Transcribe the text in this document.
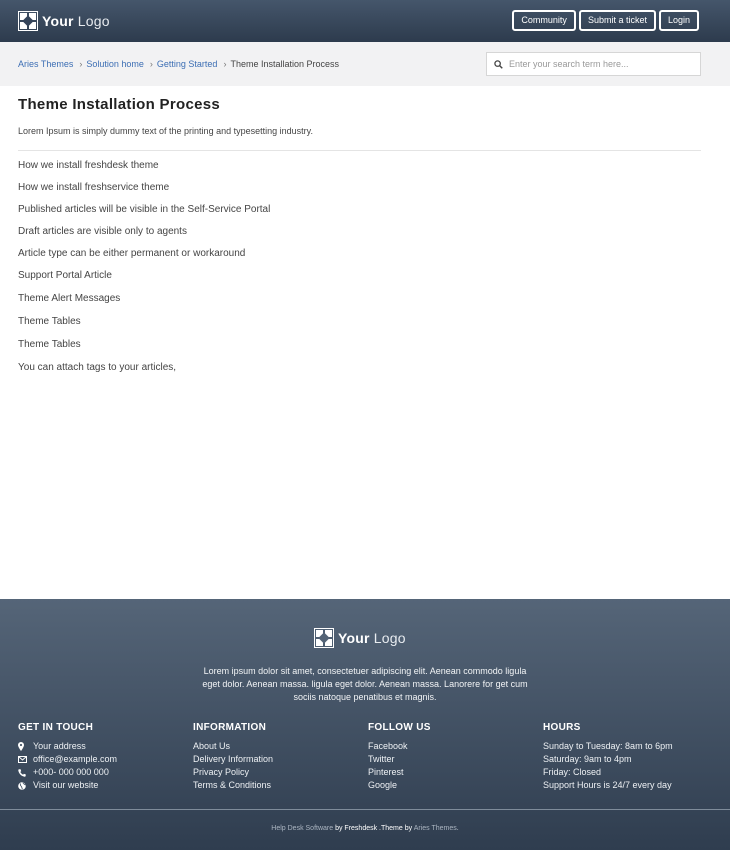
Your Logo	Community	Submit a ticket	Login
Aries Themes › Solution home › Getting Started › Theme Installation Process
Enter your search term here...
Theme Installation Process

Lorem Ipsum is simply dummy text of the printing and typesetting industry.

How we install freshdesk theme
How we install freshservice theme
Published articles will be visible in the Self-Service Portal
Draft articles are visible only to agents
Article type can be either permanent or workaround
Support Portal Article
Theme Alert Messages
Theme Tables
Theme Tables
You can attach tags to your articles,
Your Logo

Lorem ipsum dolor sit amet, consectetuer adipiscing elit. Aenean commodo ligula eget dolor. Aenean massa. ligula eget dolor. Aenean massa. Lanorere for get cum sociis natoque penatibus et magnis.

GET IN TOUCH
Your address
office@example.com
+000- 000 000 000
Visit our website
INFORMATION
About Us
Delivery Information
Privacy Policy
Terms & Conditions
FOLLOW US
Facebook
Twitter
Pinterest
Google
HOURS
Sunday to Tuesday: 8am to 6pm
Saturday: 9am to 4pm
Friday: Closed
Support Hours is 24/7 every day
Help Desk Software by Freshdesk .Theme by Aries Themes.
